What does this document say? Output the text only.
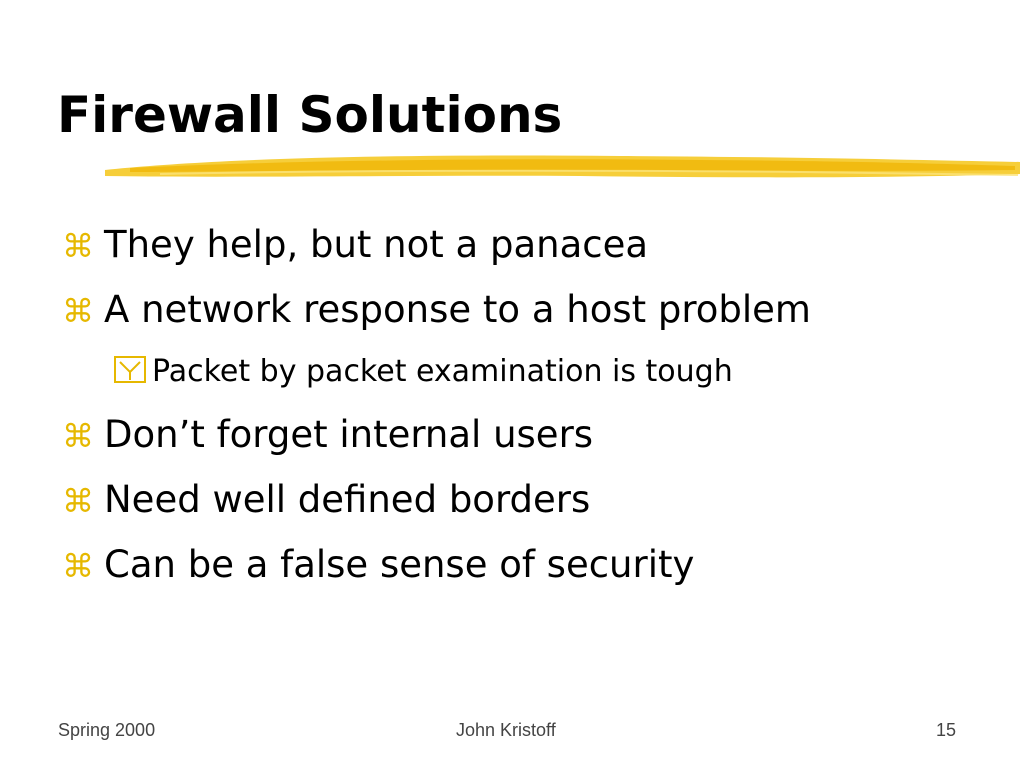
Firewall Solutions
⌘ They help, but not a panacea
⌘ A network response to a host problem
Packet by packet examination is tough
⌘ Don’t forget internal users
⌘ Need well defined borders
⌘ Can be a false sense of security
Spring 2000	John Kristoff	15
